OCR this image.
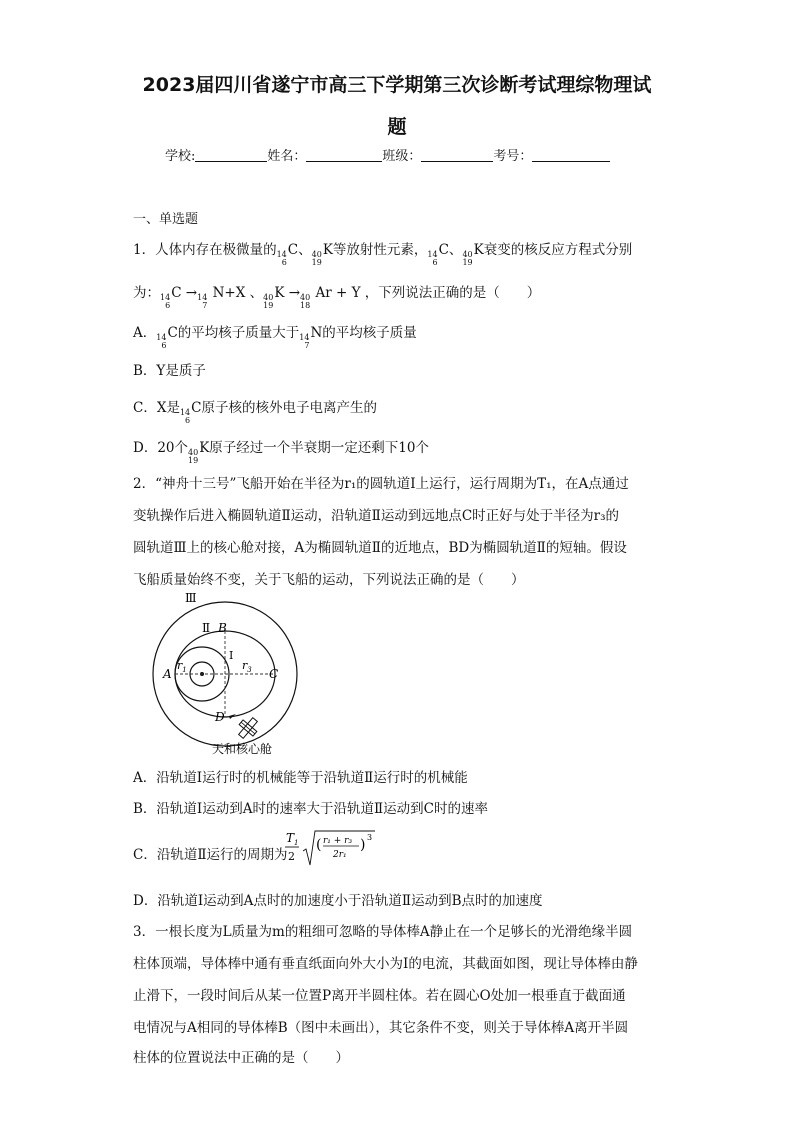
2023届四川省遂宁市高三下学期第三次诊断考试理综物理试
题
学校:	姓名：	班级：	考号：
一、单选题
1．人体内存在极微量的 14
6
C、 40
19
K等放射性元素， 14
6
C、 40
19
K衰变的核反应方程式分别
为： 14
6
C → 14
7
N+X 、 40
19
K → 40
18
Ar + Y ，下列说法正确的是（　　）
A． 14
6
C的平均核子质量大于 14
7
N的平均核子质量
B．Y是质子
C．X是 14
6
C原子核的核外电子电离产生的
D．20个 40
19
K原子经过一个半衰期一定还剩下10个
2．“神舟十三号”飞船开始在半径为r₁的圆轨道Ⅰ上运行，运行周期为T₁，在A点通过
变轨操作后进入椭圆轨道Ⅱ运动，沿轨道Ⅱ运动到远地点C时正好与处于半径为r₃的
圆轨道Ⅲ上的核心舱对接，A为椭圆轨道Ⅱ的近地点，BD为椭圆轨道Ⅱ的短轴。假设
飞船质量始终不变，关于飞船的运动，下列说法正确的是（　　）
Ⅲ
Ⅱ B
Ⅰ
A	C
D
$r_1$	$r_3$
天和核心舱
A．沿轨道Ⅰ运行时的机械能等于沿轨道Ⅱ运行时的机械能
B．沿轨道Ⅰ运动到A时的速率大于沿轨道Ⅱ运动到C时的速率
C．沿轨道Ⅱ运行的周期为
$T_1$
2
( r₁ + r₃
2r₁
) 3
D．沿轨道Ⅰ运动到A点时的加速度小于沿轨道Ⅱ运动到B点时的加速度
3．一根长度为L质量为m的粗细可忽略的导体棒A静止在一个足够长的光滑绝缘半圆
柱体顶端，导体棒中通有垂直纸面向外大小为I的电流，其截面如图，现让导体棒由静
止滑下，一段时间后从某一位置P离开半圆柱体。若在圆心O处加一根垂直于截面通
电情况与A相同的导体棒B（图中未画出），其它条件不变，则关于导体棒A离开半圆
柱体的位置说法中正确的是（　　）
